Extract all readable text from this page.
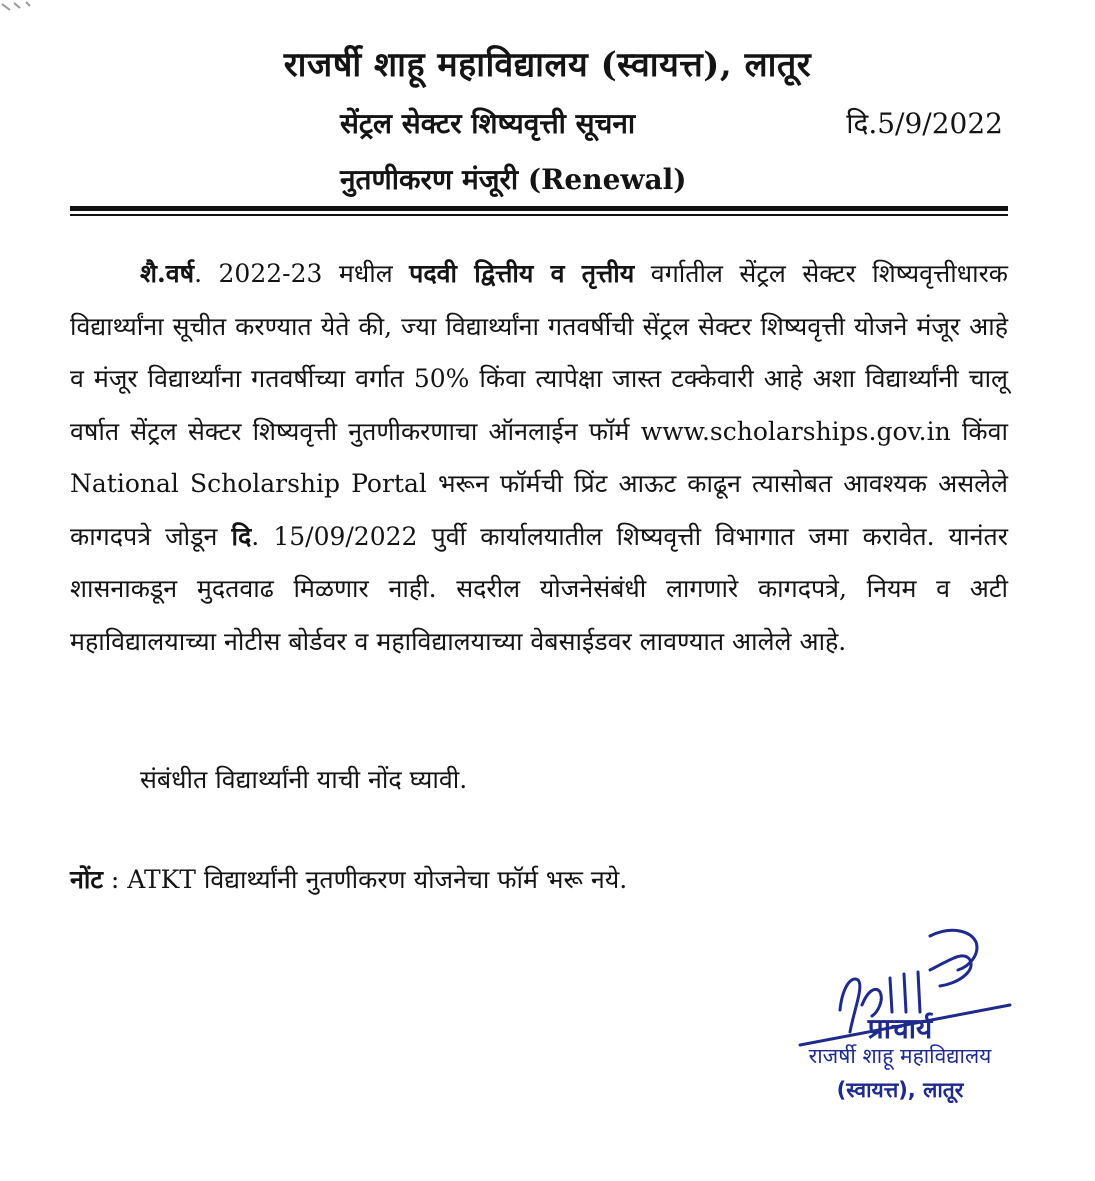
राजर्षी शाहू महाविद्यालय (स्वायत्त), लातूर
सेंट्रल सेक्टर शिष्यवृत्ती सूचना	दि.5/9/2022
नुतणीकरण मंजूरी (Renewal)
शै.वर्ष. 2022-23 मधील पदवी द्वित्तीय व तृत्तीय वर्गातील सेंट्रल सेक्टर शिष्यवृत्तीधारक विद्यार्थ्यांना सूचीत करण्यात येते की, ज्या विद्यार्थ्यांना गतवर्षीची सेंट्रल सेक्टर शिष्यवृत्ती योजने मंजूर आहे व मंजूर विद्यार्थ्यांना गतवर्षीच्या वर्गात 50% किंवा त्यापेक्षा जास्त टक्केवारी आहे अशा विद्यार्थ्यांनी चालू वर्षात सेंट्रल सेक्टर शिष्यवृत्ती नुतणीकरणाचा ऑनलाईन फॉर्म www.scholarships.gov.in किंवा National Scholarship Portal भरून फॉर्मची प्रिंट आऊट काढून त्यासोबत आवश्यक असलेले कागदपत्रे जोडून दि. 15/09/2022 पुर्वी कार्यालयातील शिष्यवृत्ती विभागात जमा करावेत. यानंतर शासनाकडून मुदतवाढ मिळणार नाही. सदरील योजनेसंबंधी लागणारे कागदपत्रे, नियम व अटी महाविद्यालयाच्या नोटीस बोर्डवर व महाविद्यालयाच्या वेबसाईडवर लावण्यात आलेले आहे.
संबंधीत विद्यार्थ्यांनी याची नोंद घ्यावी.
नोंट : ATKT विद्यार्थ्यांनी नुतणीकरण योजनेचा फॉर्म भरू नये.
प्राचार्य
राजर्षी शाहू महाविद्यालय
(स्वायत्त), लातूर
